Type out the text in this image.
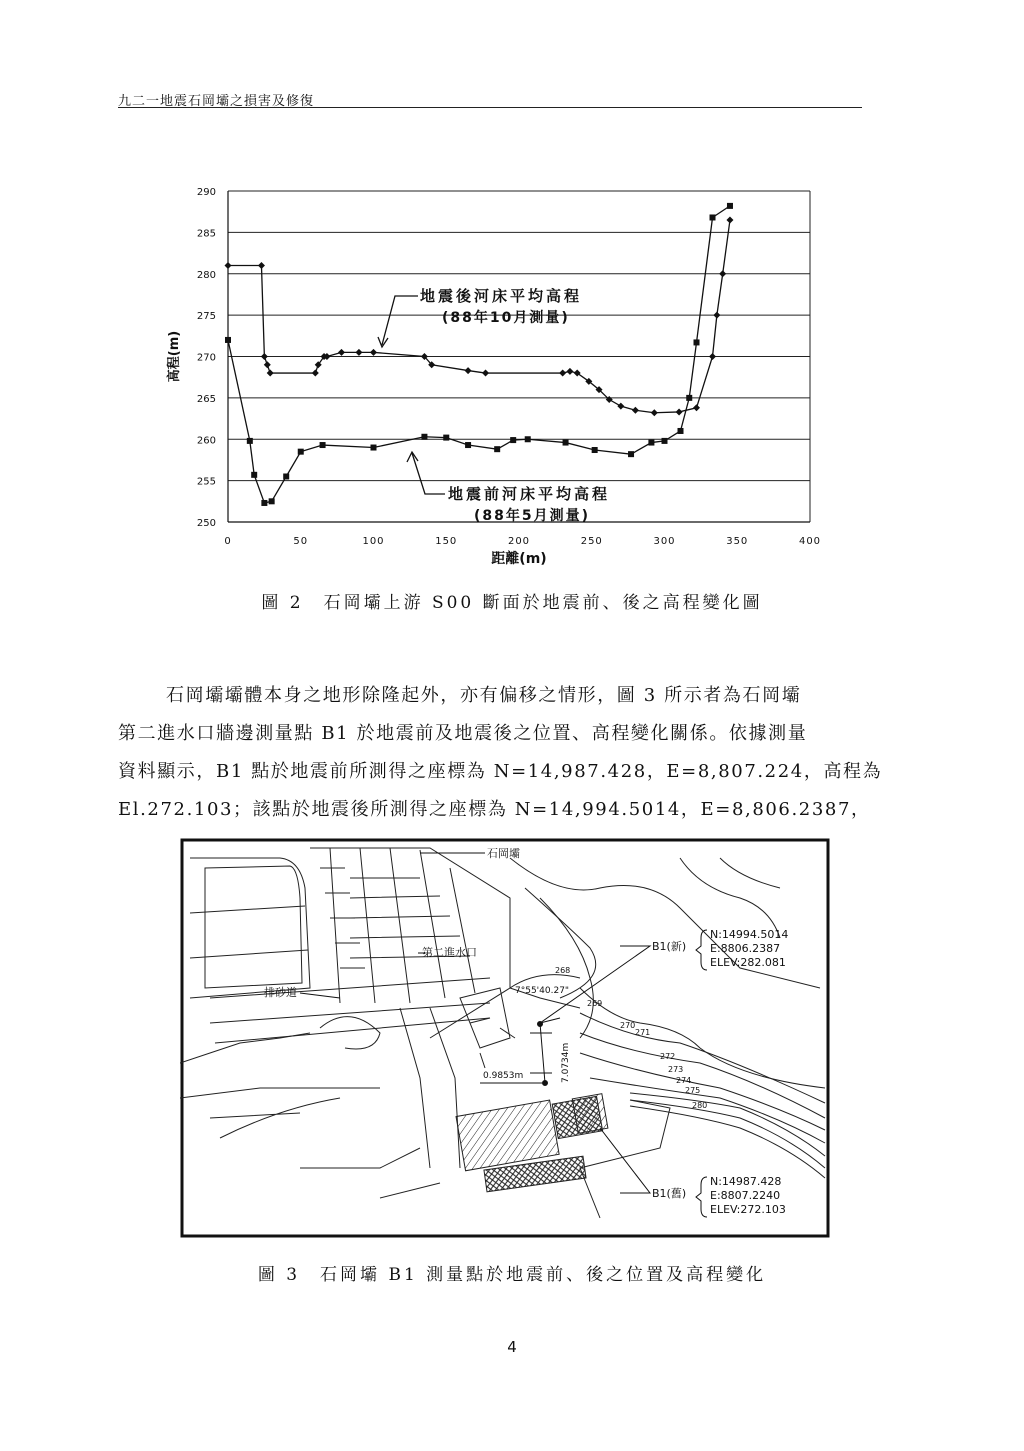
九二一地震石岡壩之損害及修復
250
255
260
265
270
275
280
285
290
0	50	100	150	200	250	300	350	400
距離(m)
高程(m)
地震後河床平均高程
(88年10月測量)
地震前河床平均高程
(88年5月測量)
圖 2　石岡壩上游 S00 斷面於地震前、後之高程變化圖
石岡壩壩體本身之地形除隆起外，亦有偏移之情形，圖 3 所示者為石岡壩
第二進水口牆邊測量點 B1 於地震前及地震後之位置、高程變化關係。依據測量
資料顯示，B1 點於地震前所測得之座標為 N=14,987.428，E=8,807.224，高程為
El.272.103；該點於地震後所測得之座標為 N=14,994.5014，E=8,806.2387，
石岡壩
第二進水口
排砂道	7°55'40.27"
0.9853m	7.0734m
268
269
270
271
272
273
274
275
280
B1(新)
N:14994.5014
E:8806.2387
ELEV:282.081
B1(舊)
N:14987.428
E:8807.2240
ELEV:272.103
圖 3　石岡壩 B1 測量點於地震前、後之位置及高程變化
4
